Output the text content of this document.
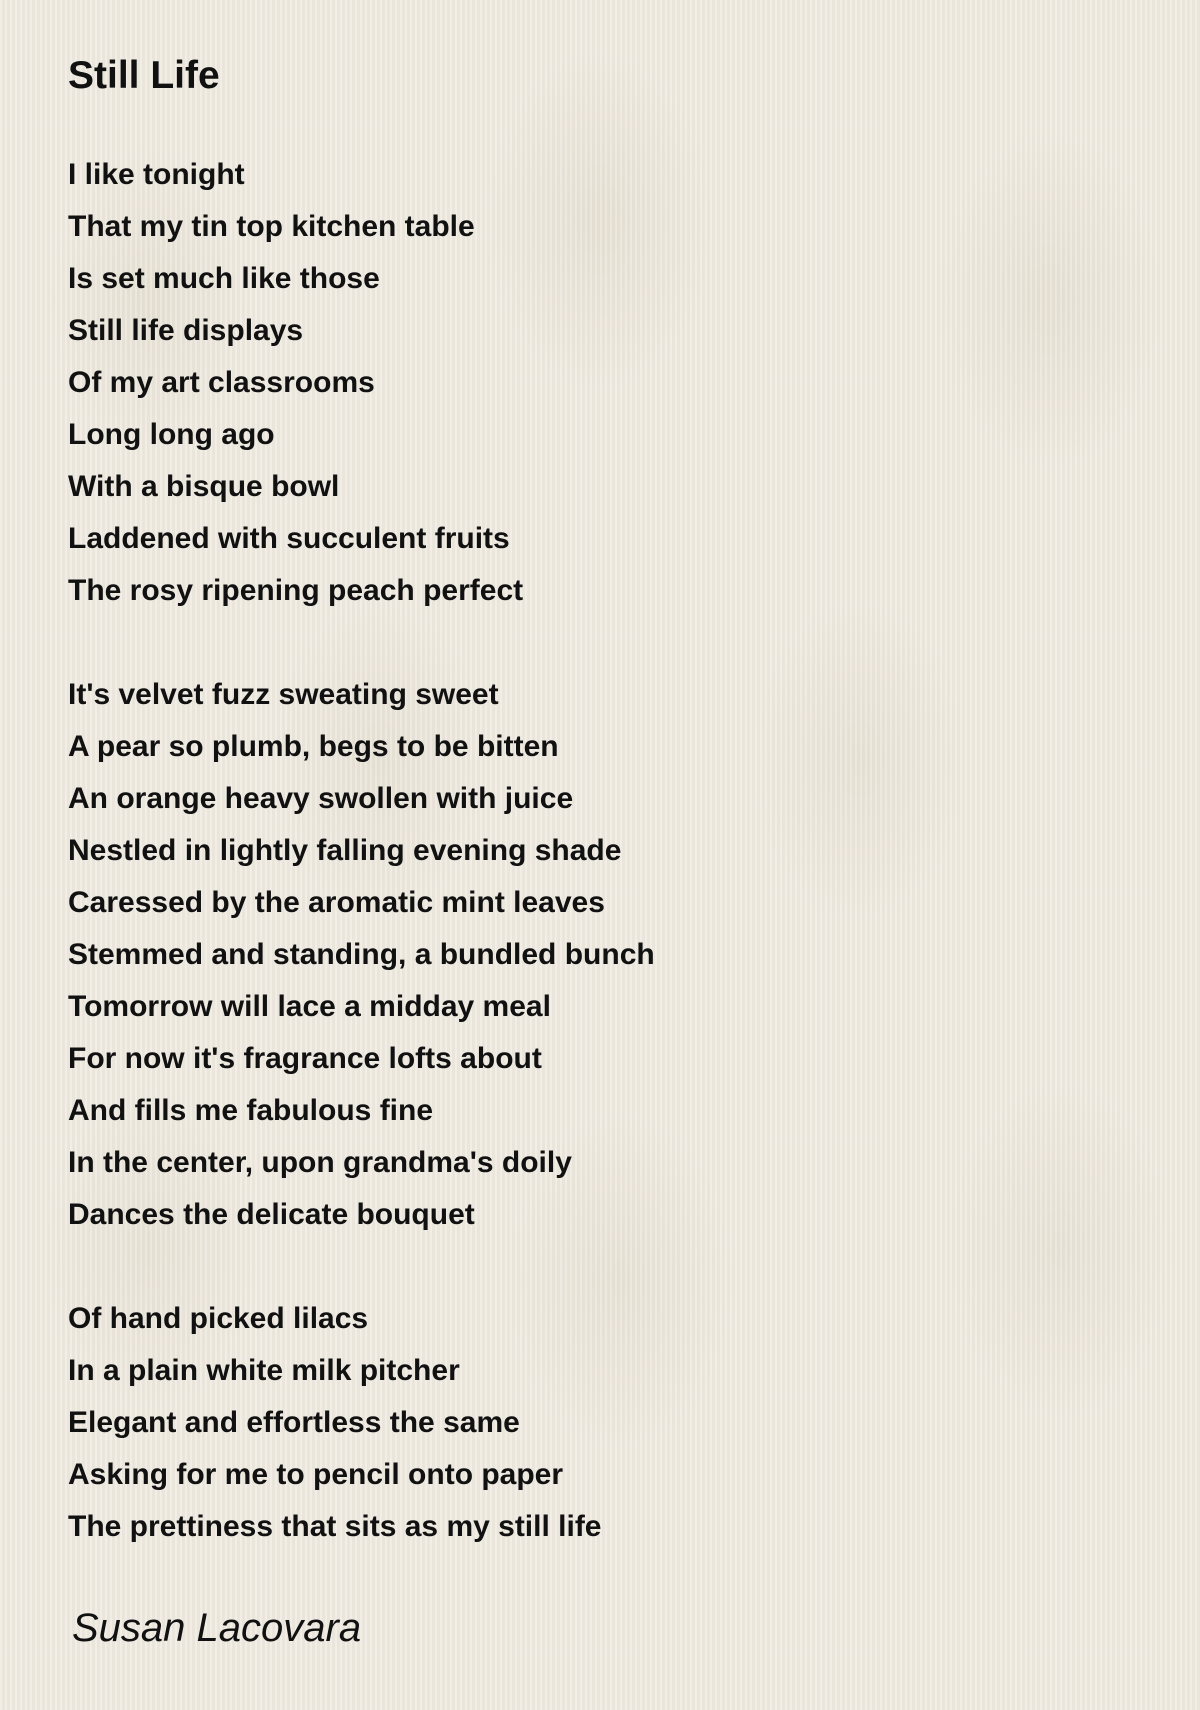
Still Life
I like tonight
That my tin top kitchen table
Is set much like those
Still life displays
Of my art classrooms
Long long ago
With a bisque bowl
Laddened with succulent fruits
The rosy ripening peach perfect
It's velvet fuzz sweating sweet
A pear so plumb, begs to be bitten
An orange heavy swollen with juice
Nestled in lightly falling evening shade
Caressed by the aromatic mint leaves
Stemmed and standing, a bundled bunch
Tomorrow will lace a midday meal
For now it's fragrance lofts about
And fills me fabulous fine
In the center, upon grandma's doily
Dances the delicate bouquet
Of hand picked lilacs
In a plain white milk pitcher
Elegant and effortless the same
Asking for me to pencil onto paper
The prettiness that sits as my still life
Susan Lacovara
